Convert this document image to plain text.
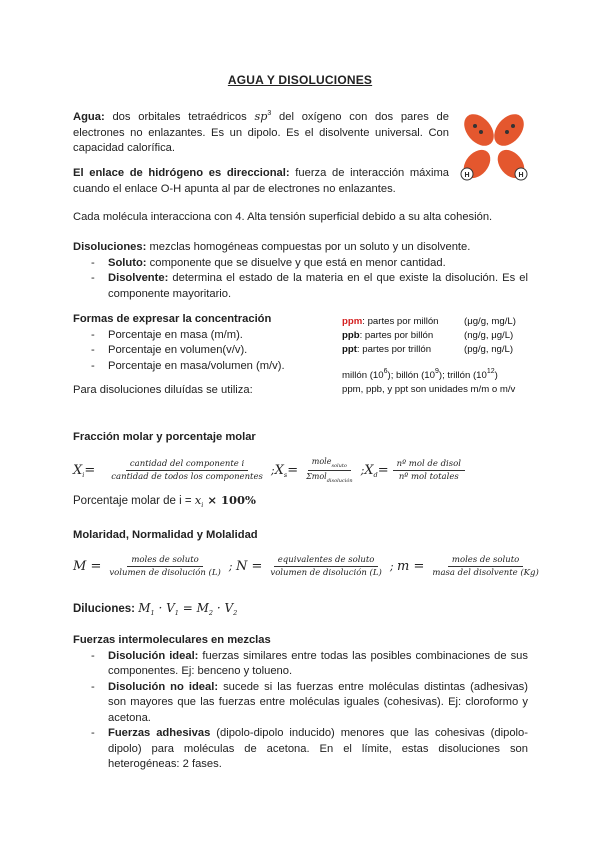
AGUA Y DISOLUCIONES
Agua: dos orbitales tetraédricos $sp^3$ del oxígeno con dos pares de electrones no enlazantes. Es un dipolo. Es el disolvente universal. Con capacidad calorífica.	O
H	H
El enlace de hidrógeno es direccional: fuerza de interacción máxima cuando el enlace O-H apunta al par de electrones no enlazantes.
Cada molécula interacciona con 4. Alta tensión superficial debido a su alta cohesión.
Disoluciones: mezclas homogéneas compuestas por un soluto y un disolvente.
- Soluto: componente que se disuelve y que está en menor cantidad.
- Disolvente: determina el estado de la materia en el que existe la disolución. Es el componente mayoritario.
Formas de expresar la concentración
- Porcentaje en masa (m/m).
- Porcentaje en volumen(v/v).
- Porcentaje en masa/volumen (m/v).
Para disoluciones diluídas se utiliza:
ppm: partes por millón	(μg/g, mg/L)
ppb: partes por billón	(ng/g, μg/L)
ppt: partes por trillón	(pg/g, ng/L)
millón $(10^6)$; billón $(10^9)$; trillón $(10^{12})$
ppm, ppb, y ppt son unidades m/m o m/v
Fracción molar y porcentaje molar
$X_i = \frac{\text{cantidad del componente i}}{\text{cantidad de todos los componentes}}$ ; $X_s = \frac{mole_{soluto}}{\Sigma mol_{disolución}}$ ; $X_d = \frac{\text{nº mol de disol}}{\text{nº mol totales}}$
Porcentaje molar de $i = x_i \times 100\%$
Molaridad, Normalidad y Molalidad
$M = \frac{\text{moles de soluto}}{\text{volumen de disolución (L)}}$ ; $N = \frac{\text{equivalentes de soluto}}{\text{volumen de disolución (L)}}$ ; $m = \frac{\text{moles de soluto}}{\text{masa del disolvente (Kg)}}$
Diluciones: $M_1 \cdot V_1 = M_2 \cdot V_2$
Fuerzas intermoleculares en mezclas
- Disolución ideal: fuerzas similares entre todas las posibles combinaciones de sus componentes. Ej: benceno y tolueno.
- Disolución no ideal: sucede si las fuerzas entre moléculas distintas (adhesivas) son mayores que las fuerzas entre moléculas iguales (cohesivas). Ej: cloroformo y acetona.
- Fuerzas adhesivas (dipolo-dipolo inducido) menores que las cohesivas (dipolo-dipolo) para moléculas de acetona. En el límite, estas disoluciones son heterogéneas: 2 fases.
